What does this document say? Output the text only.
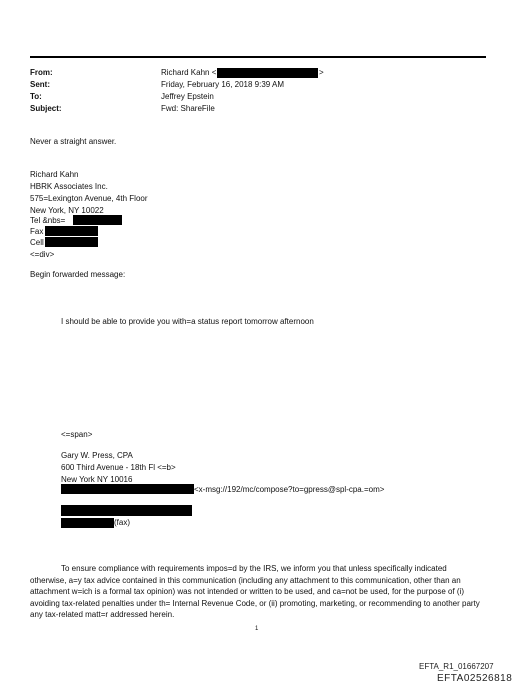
From:
Sent:
To:
Subject:
Richard Kahn <	>
Friday, February 16, 2018 9:39 AM
Jeffrey Epstein
Fwd: ShareFile
Never a straight answer.
Richard Kahn
HBRK Associates Inc.
575=Lexington Avenue, 4th Floor
New York, NY 10022
Tel &nbs=
Fax
Cell
<=div>
Begin forwarded message:
I should be able to provide you with=a status report tomorrow afternoon
<=span>
Gary W. Press, CPA
600 Third Avenue - 18th Fl <=b>
New York NY 10016
<x-msg://192/mc/compose?to=gpress@spl-cpa.=om>
(fax)
To ensure compliance with requirements impos=d by the IRS, we inform you that unless specifically indicated otherwise, a=y tax advice contained in this communication (including any attachment to this communication, other than an attachment w=ich is a formal tax opinion) was not intended or written to be used, and ca=not be used, for the purpose of (i) avoiding tax-related penalties under th= Internal Revenue Code, or (ii) promoting, marketing, or recommending to another party any tax-related matt=r addressed herein.
1
EFTA_R1_01667207
EFTA02526818
